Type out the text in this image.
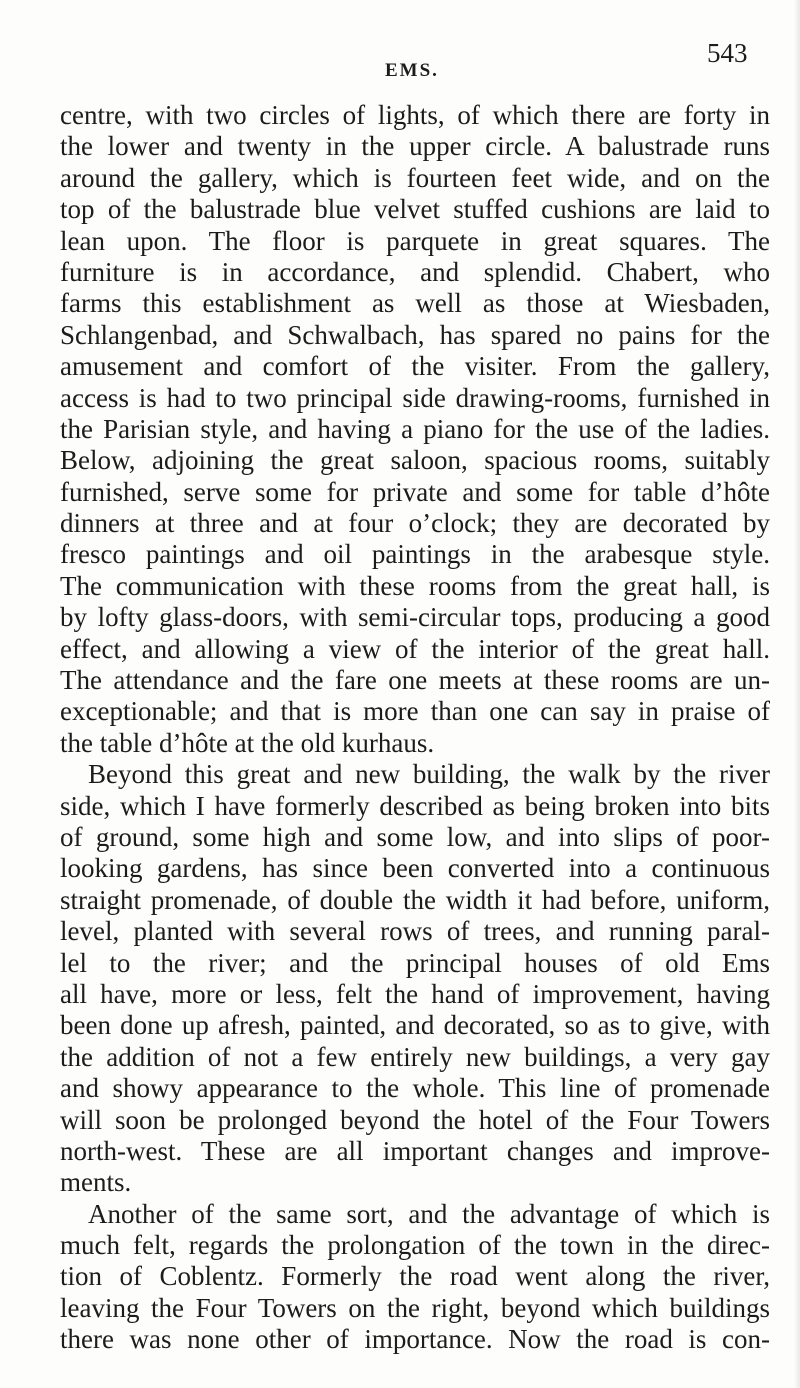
EMS.
543
centre, with two circles of lights, of which there are forty in
the lower and twenty in the upper circle. A balustrade runs
around the gallery, which is fourteen feet wide, and on the
top of the balustrade blue velvet stuffed cushions are laid to
lean upon. The floor is parquete in great squares. The
furniture is in accordance, and splendid. Chabert, who
farms this establishment as well as those at Wiesbaden,
Schlangenbad, and Schwalbach, has spared no pains for the
amusement and comfort of the visiter. From the gallery,
access is had to two principal side drawing-rooms, furnished in
the Parisian style, and having a piano for the use of the ladies.
Below, adjoining the great saloon, spacious rooms, suitably
furnished, serve some for private and some for table d’hôte
dinners at three and at four o’clock; they are decorated by
fresco paintings and oil paintings in the arabesque style.
The communication with these rooms from the great hall, is
by lofty glass-doors, with semi-circular tops, producing a good
effect, and allowing a view of the interior of the great hall.
The attendance and the fare one meets at these rooms are un-
exceptionable; and that is more than one can say in praise of
the table d’hôte at the old kurhaus.
Beyond this great and new building, the walk by the river
side, which I have formerly described as being broken into bits
of ground, some high and some low, and into slips of poor-
looking gardens, has since been converted into a continuous
straight promenade, of double the width it had before, uniform,
level, planted with several rows of trees, and running paral-
lel to the river; and the principal houses of old Ems
all have, more or less, felt the hand of improvement, having
been done up afresh, painted, and decorated, so as to give, with
the addition of not a few entirely new buildings, a very gay
and showy appearance to the whole. This line of promenade
will soon be prolonged beyond the hotel of the Four Towers
north-west. These are all important changes and improve-
ments.
Another of the same sort, and the advantage of which is
much felt, regards the prolongation of the town in the direc-
tion of Coblentz. Formerly the road went along the river,
leaving the Four Towers on the right, beyond which buildings
there was none other of importance. Now the road is con-
